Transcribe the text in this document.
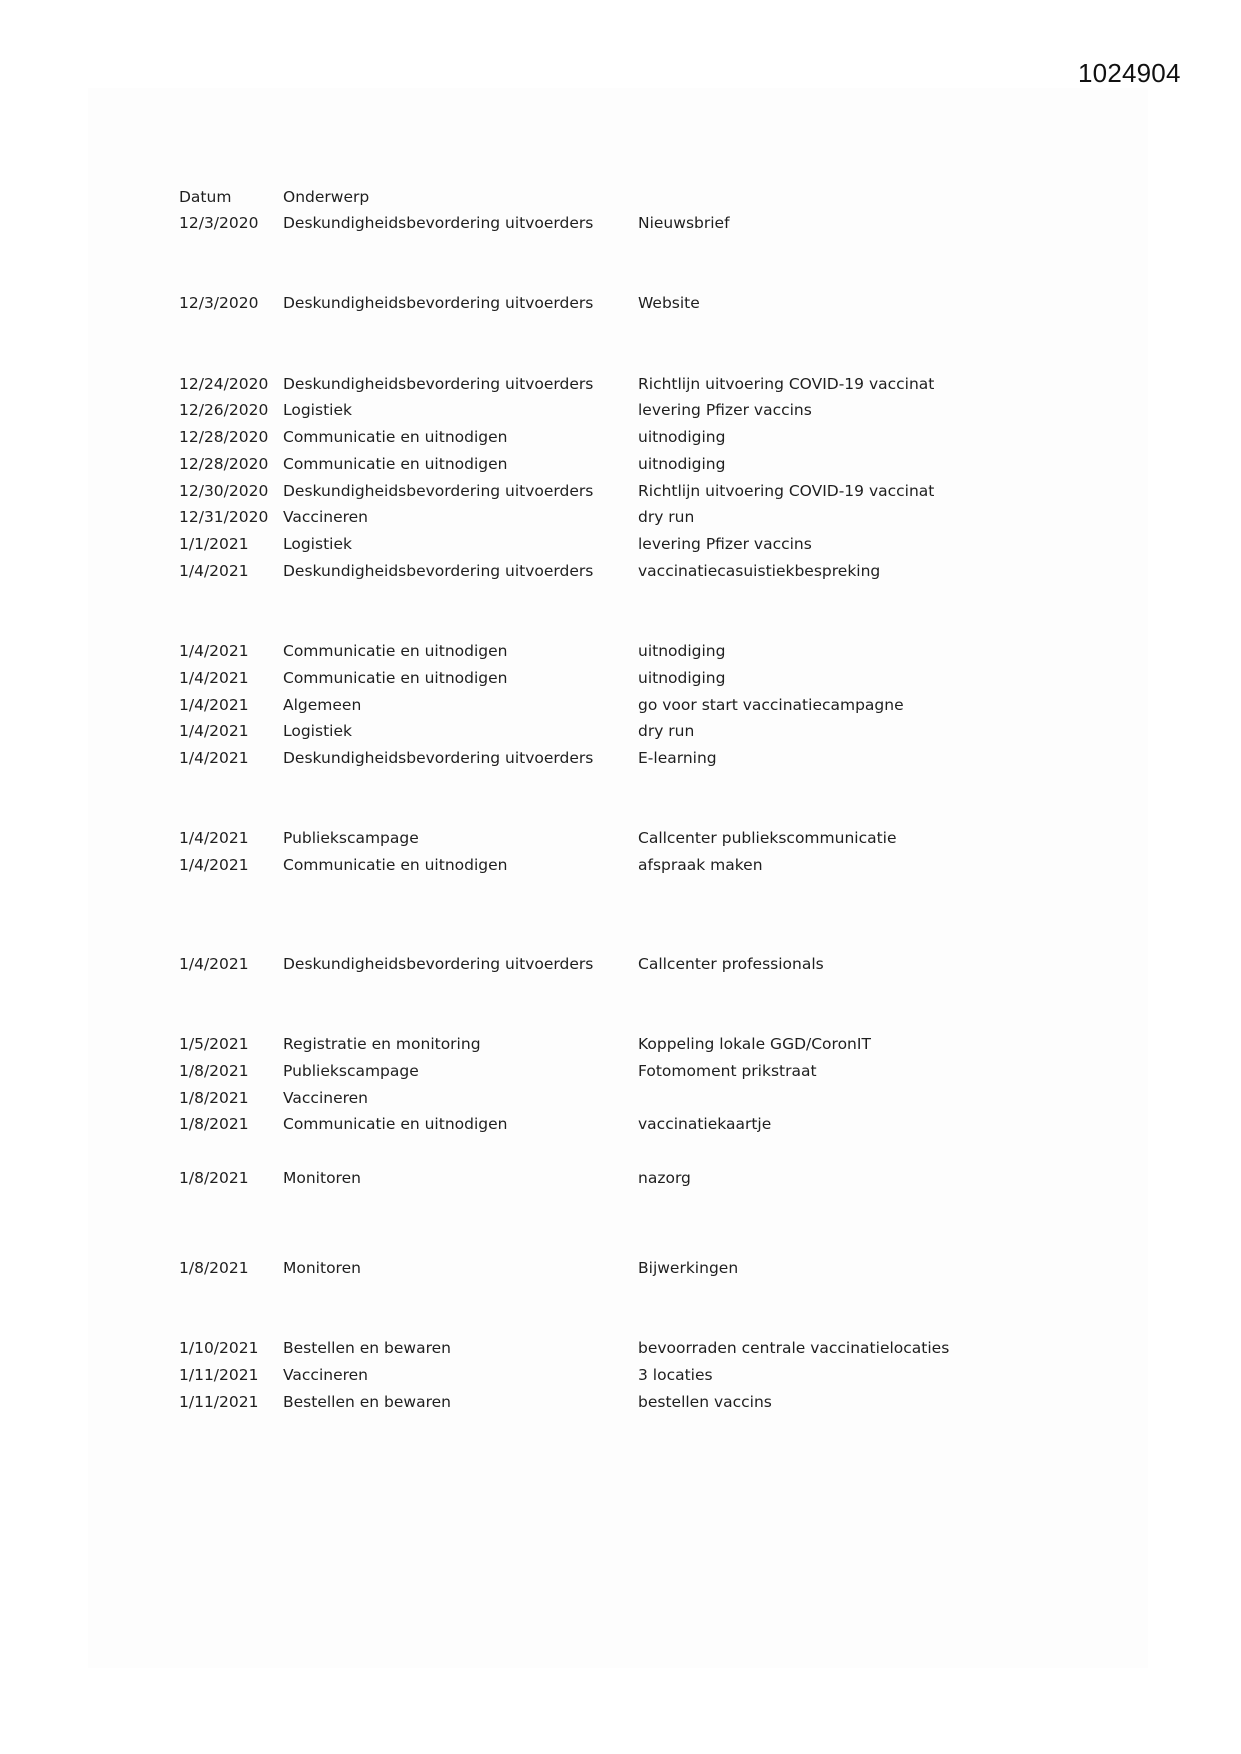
1024904
Datum	Onderwerp
12/3/2020 Deskundigheidsbevordering uitvoerders	Nieuwsbrief
12/3/2020 Deskundigheidsbevordering uitvoerders	Website
12/24/2020 Deskundigheidsbevordering uitvoerders	Richtlijn uitvoering COVID-19 vaccinat
12/26/2020 Logistiek	levering Pfizer vaccins
12/28/2020 Communicatie en uitnodigen	uitnodiging
12/28/2020 Communicatie en uitnodigen	uitnodiging
12/30/2020 Deskundigheidsbevordering uitvoerders	Richtlijn uitvoering COVID-19 vaccinat
12/31/2020 Vaccineren	dry run
1/1/2021 Logistiek	levering Pfizer vaccins
1/4/2021 Deskundigheidsbevordering uitvoerders	vaccinatiecasuistiekbespreking
1/4/2021 Communicatie en uitnodigen	uitnodiging
1/4/2021 Communicatie en uitnodigen	uitnodiging
1/4/2021 Algemeen	go voor start vaccinatiecampagne
1/4/2021 Logistiek	dry run
1/4/2021 Deskundigheidsbevordering uitvoerders	E-learning
1/4/2021 Publiekscampage	Callcenter publiekscommunicatie
1/4/2021 Communicatie en uitnodigen	afspraak maken
1/4/2021 Deskundigheidsbevordering uitvoerders	Callcenter professionals
1/5/2021 Registratie en monitoring	Koppeling lokale GGD/CoronIT
1/8/2021 Publiekscampage	Fotomoment prikstraat
1/8/2021 Vaccineren
1/8/2021 Communicatie en uitnodigen	vaccinatiekaartje
1/8/2021 Monitoren	nazorg
1/8/2021 Monitoren	Bijwerkingen
1/10/2021 Bestellen en bewaren	bevoorraden centrale vaccinatielocaties
1/11/2021 Vaccineren	3 locaties
1/11/2021 Bestellen en bewaren	bestellen vaccins
